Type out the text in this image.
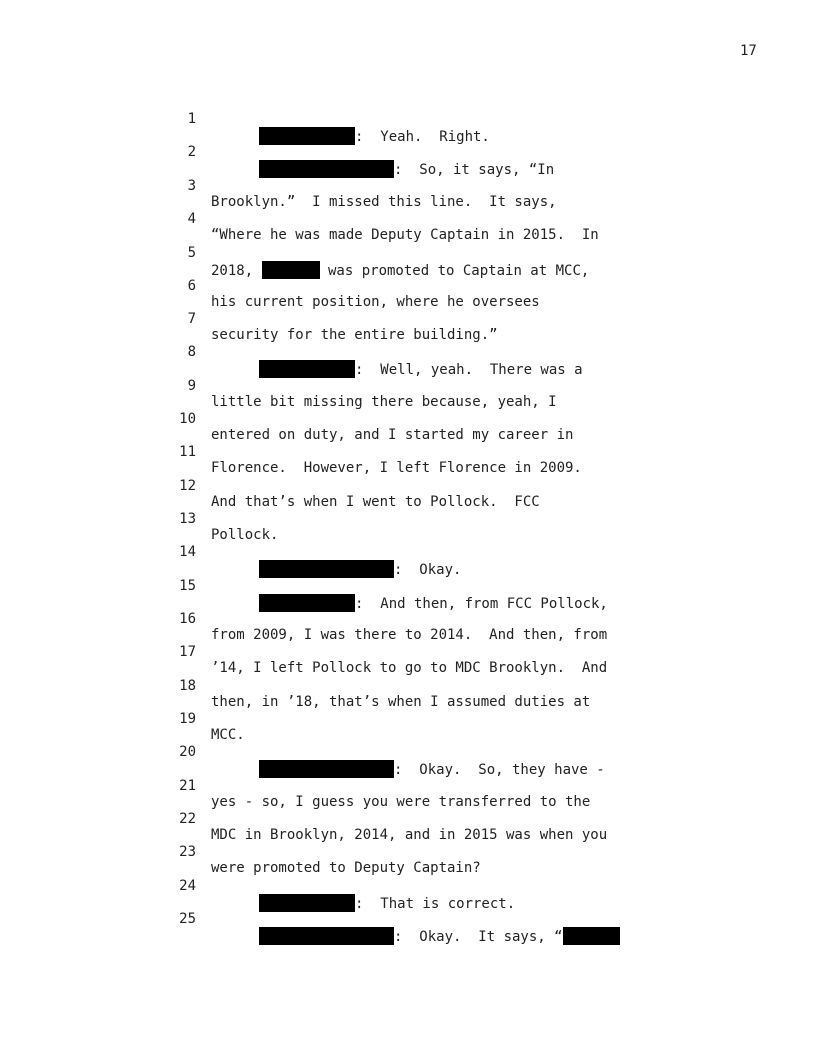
17

1

:  Yeah.  Right.

2

:  So, it says, “In

3

Brooklyn.”  I missed this line.  It says,

4

“Where he was made Deputy Captain in 2015.  In

5

2018,	was promoted to Captain at MCC,

6

his current position, where he oversees

7

security for the entire building.”

8

:  Well, yeah.  There was a

9

little bit missing there because, yeah, I

10

entered on duty, and I started my career in

11

Florence.  However, I left Florence in 2009.

12

And that’s when I went to Pollock.  FCC

13

Pollock.

14

:  Okay.

15

:  And then, from FCC Pollock,

16

from 2009, I was there to 2014.  And then, from

17

’14, I left Pollock to go to MDC Brooklyn.  And

18

then, in ’18, that’s when I assumed duties at

19

MCC.

20

:  Okay.  So, they have -

21

yes - so, I guess you were transferred to the

22

MDC in Brooklyn, 2014, and in 2015 was when you

23

were promoted to Deputy Captain?

24

:  That is correct.

25

:  Okay.  It says, “
